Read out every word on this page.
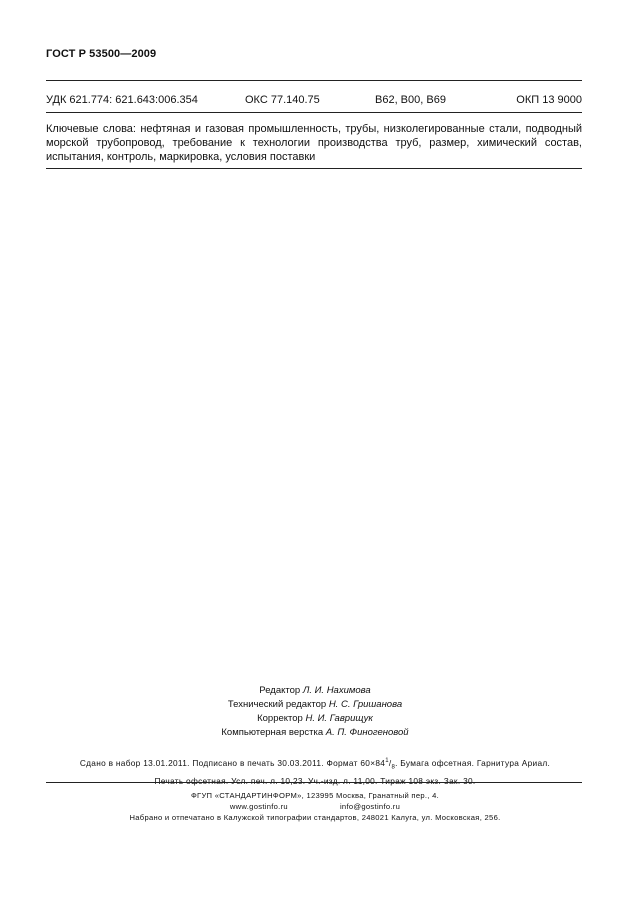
ГОСТ Р 53500—2009
УДК 621.774: 621.643:006.354	ОКС 77.140.75	В62, В00, В69	ОКП 13 9000
Ключевые слова: нефтяная и газовая промышленность, трубы, низколегированные стали, подводный морской трубопровод, требование к технологии производства труб, размер, химический состав, испытания, контроль, маркировка, условия поставки
Редактор Л. И. Нахимова
Технический редактор Н. С. Гришанова
Корректор Н. И. Гаврищук
Компьютерная верстка А. П. Финогеновой
Сдано в набор 13.01.2011. Подписано в печать 30.03.2011. Формат $60\times 84^1/_8$. Бумага офсетная. Гарнитура Ариал.
Печать офсетная. Усл. печ. л. 10,23. Уч.-изд. л. 11,00. Тираж 108 экз. Зак. 30.
ФГУП «СТАНДАРТИНФОРМ», 123995 Москва, Гранатный пер., 4.
www.gostinfo.ru	info@gostinfo.ru
Набрано и отпечатано в Калужской типографии стандартов, 248021 Калуга, ул. Московская, 256.
